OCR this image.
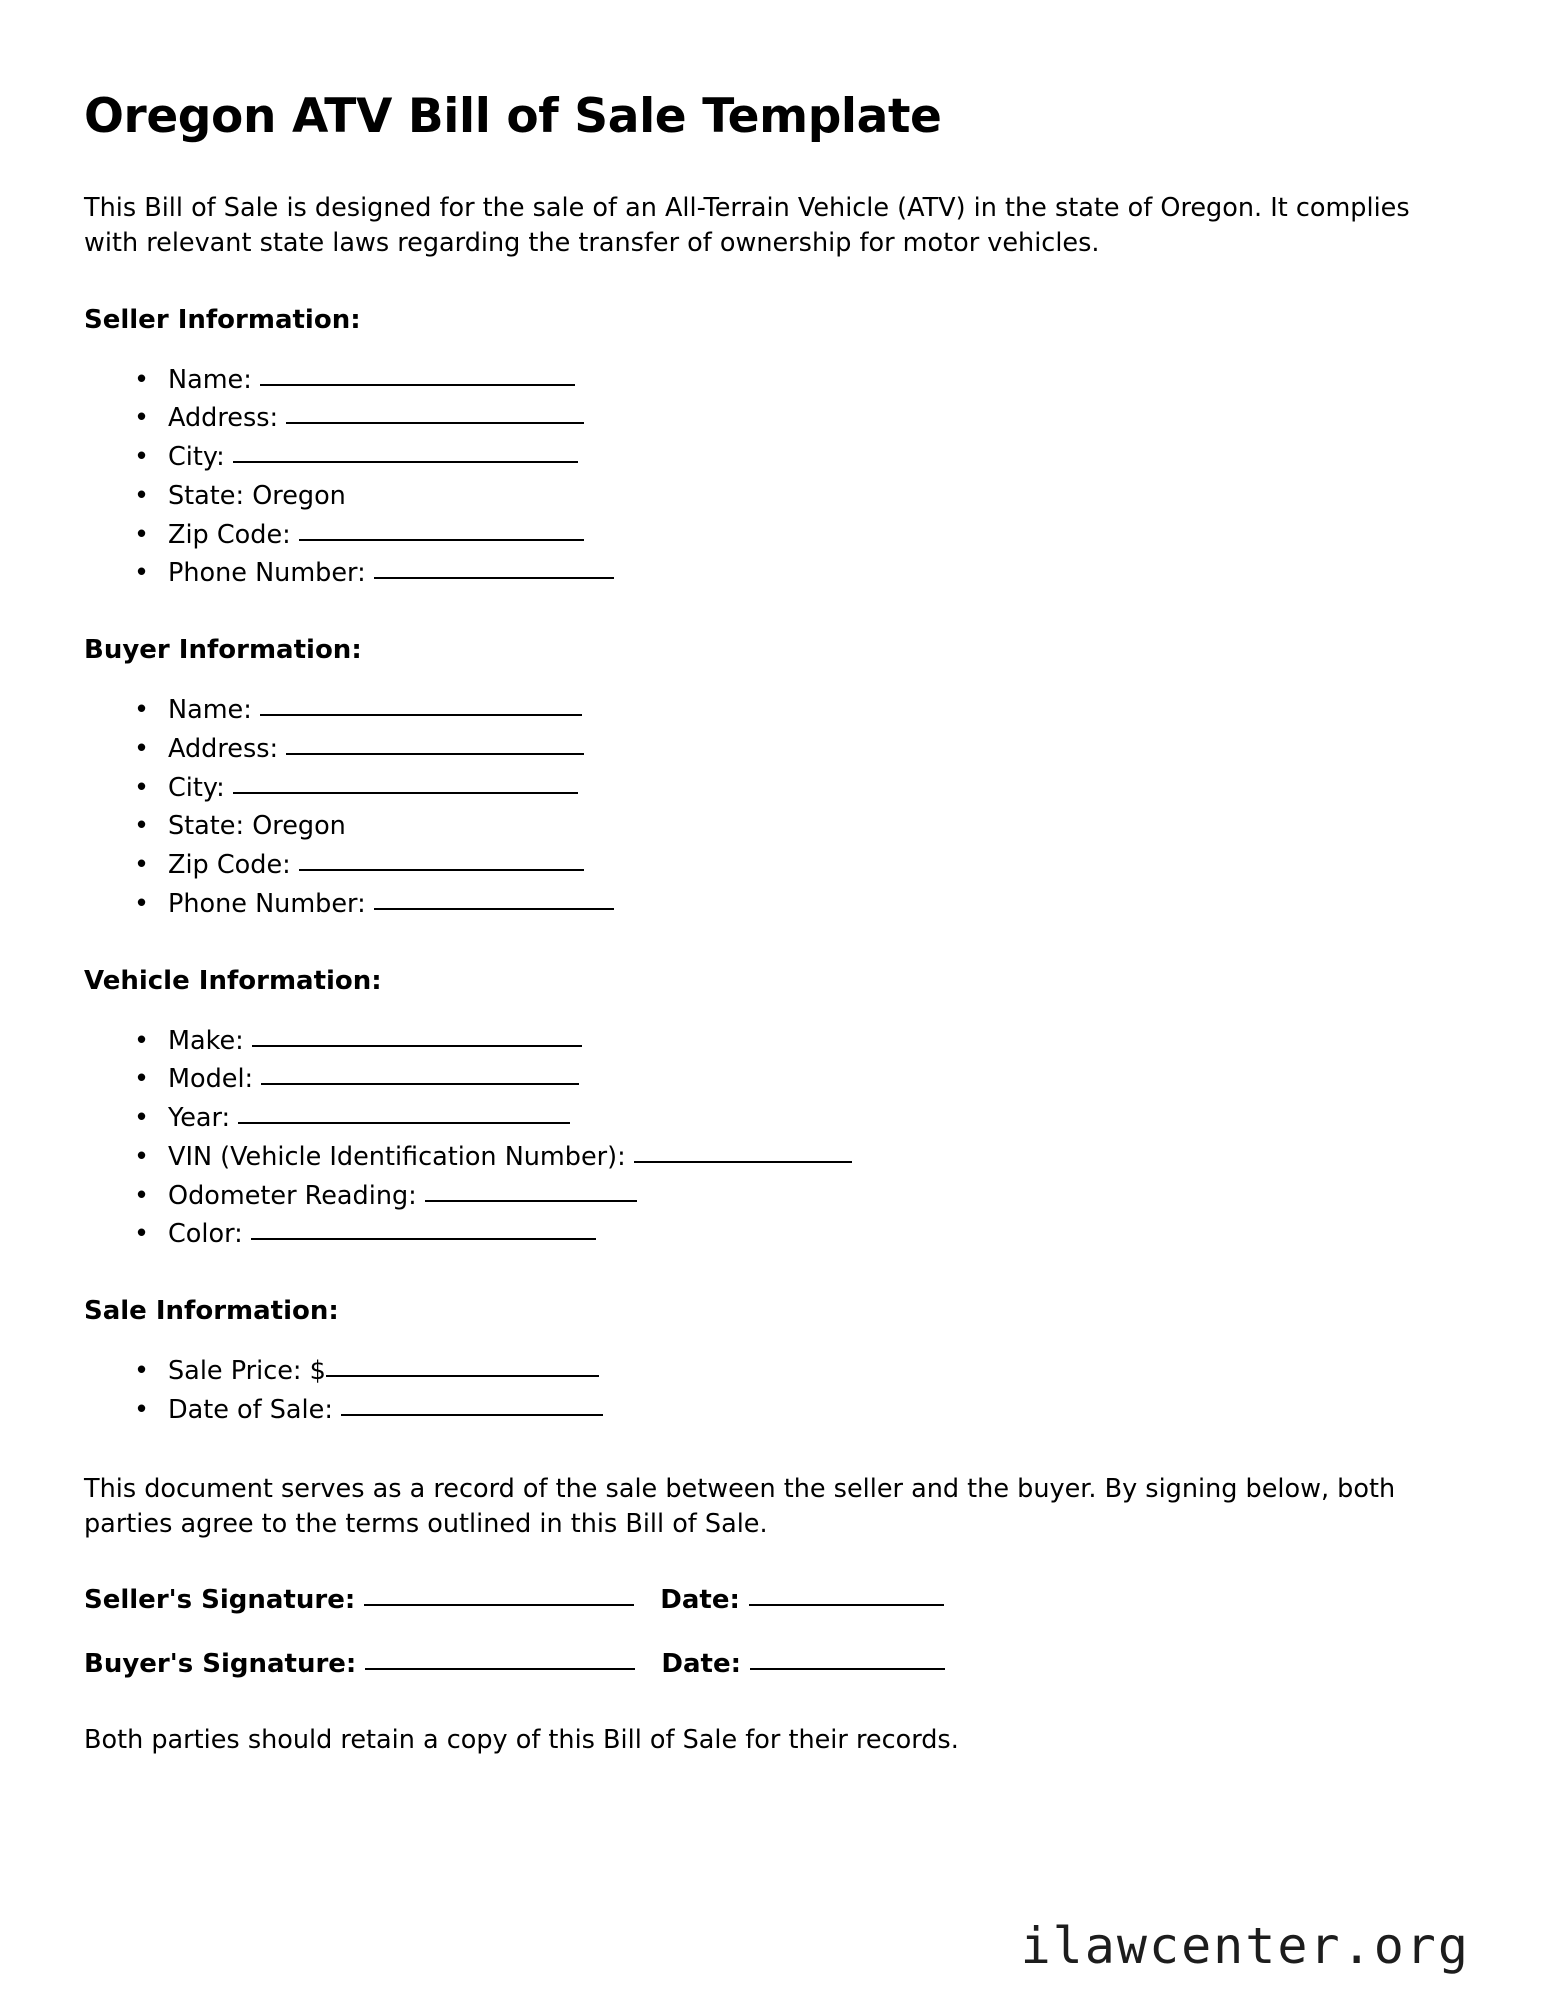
Oregon ATV Bill of Sale Template

This Bill of Sale is designed for the sale of an All-Terrain Vehicle (ATV) in the state of Oregon. It complies with relevant state laws regarding the transfer of ownership for motor vehicles.

Seller Information:
• Name:
• Address:
• City:
• State: Oregon
• Zip Code:
• Phone Number:
Buyer Information:
• Name:
• Address:
• City:
• State: Oregon
• Zip Code:
• Phone Number:
Vehicle Information:
• Make:
• Model:
• Year:
• VIN (Vehicle Identification Number):
• Odometer Reading:
• Color:
Sale Information:
• Sale Price: $
• Date of Sale:

This document serves as a record of the sale between the seller and the buyer. By signing below, both parties agree to the terms outlined in this Bill of Sale.

Seller's Signature:	Date:
Buyer's Signature:	Date:

Both parties should retain a copy of this Bill of Sale for their records.

ilawcenter.org
